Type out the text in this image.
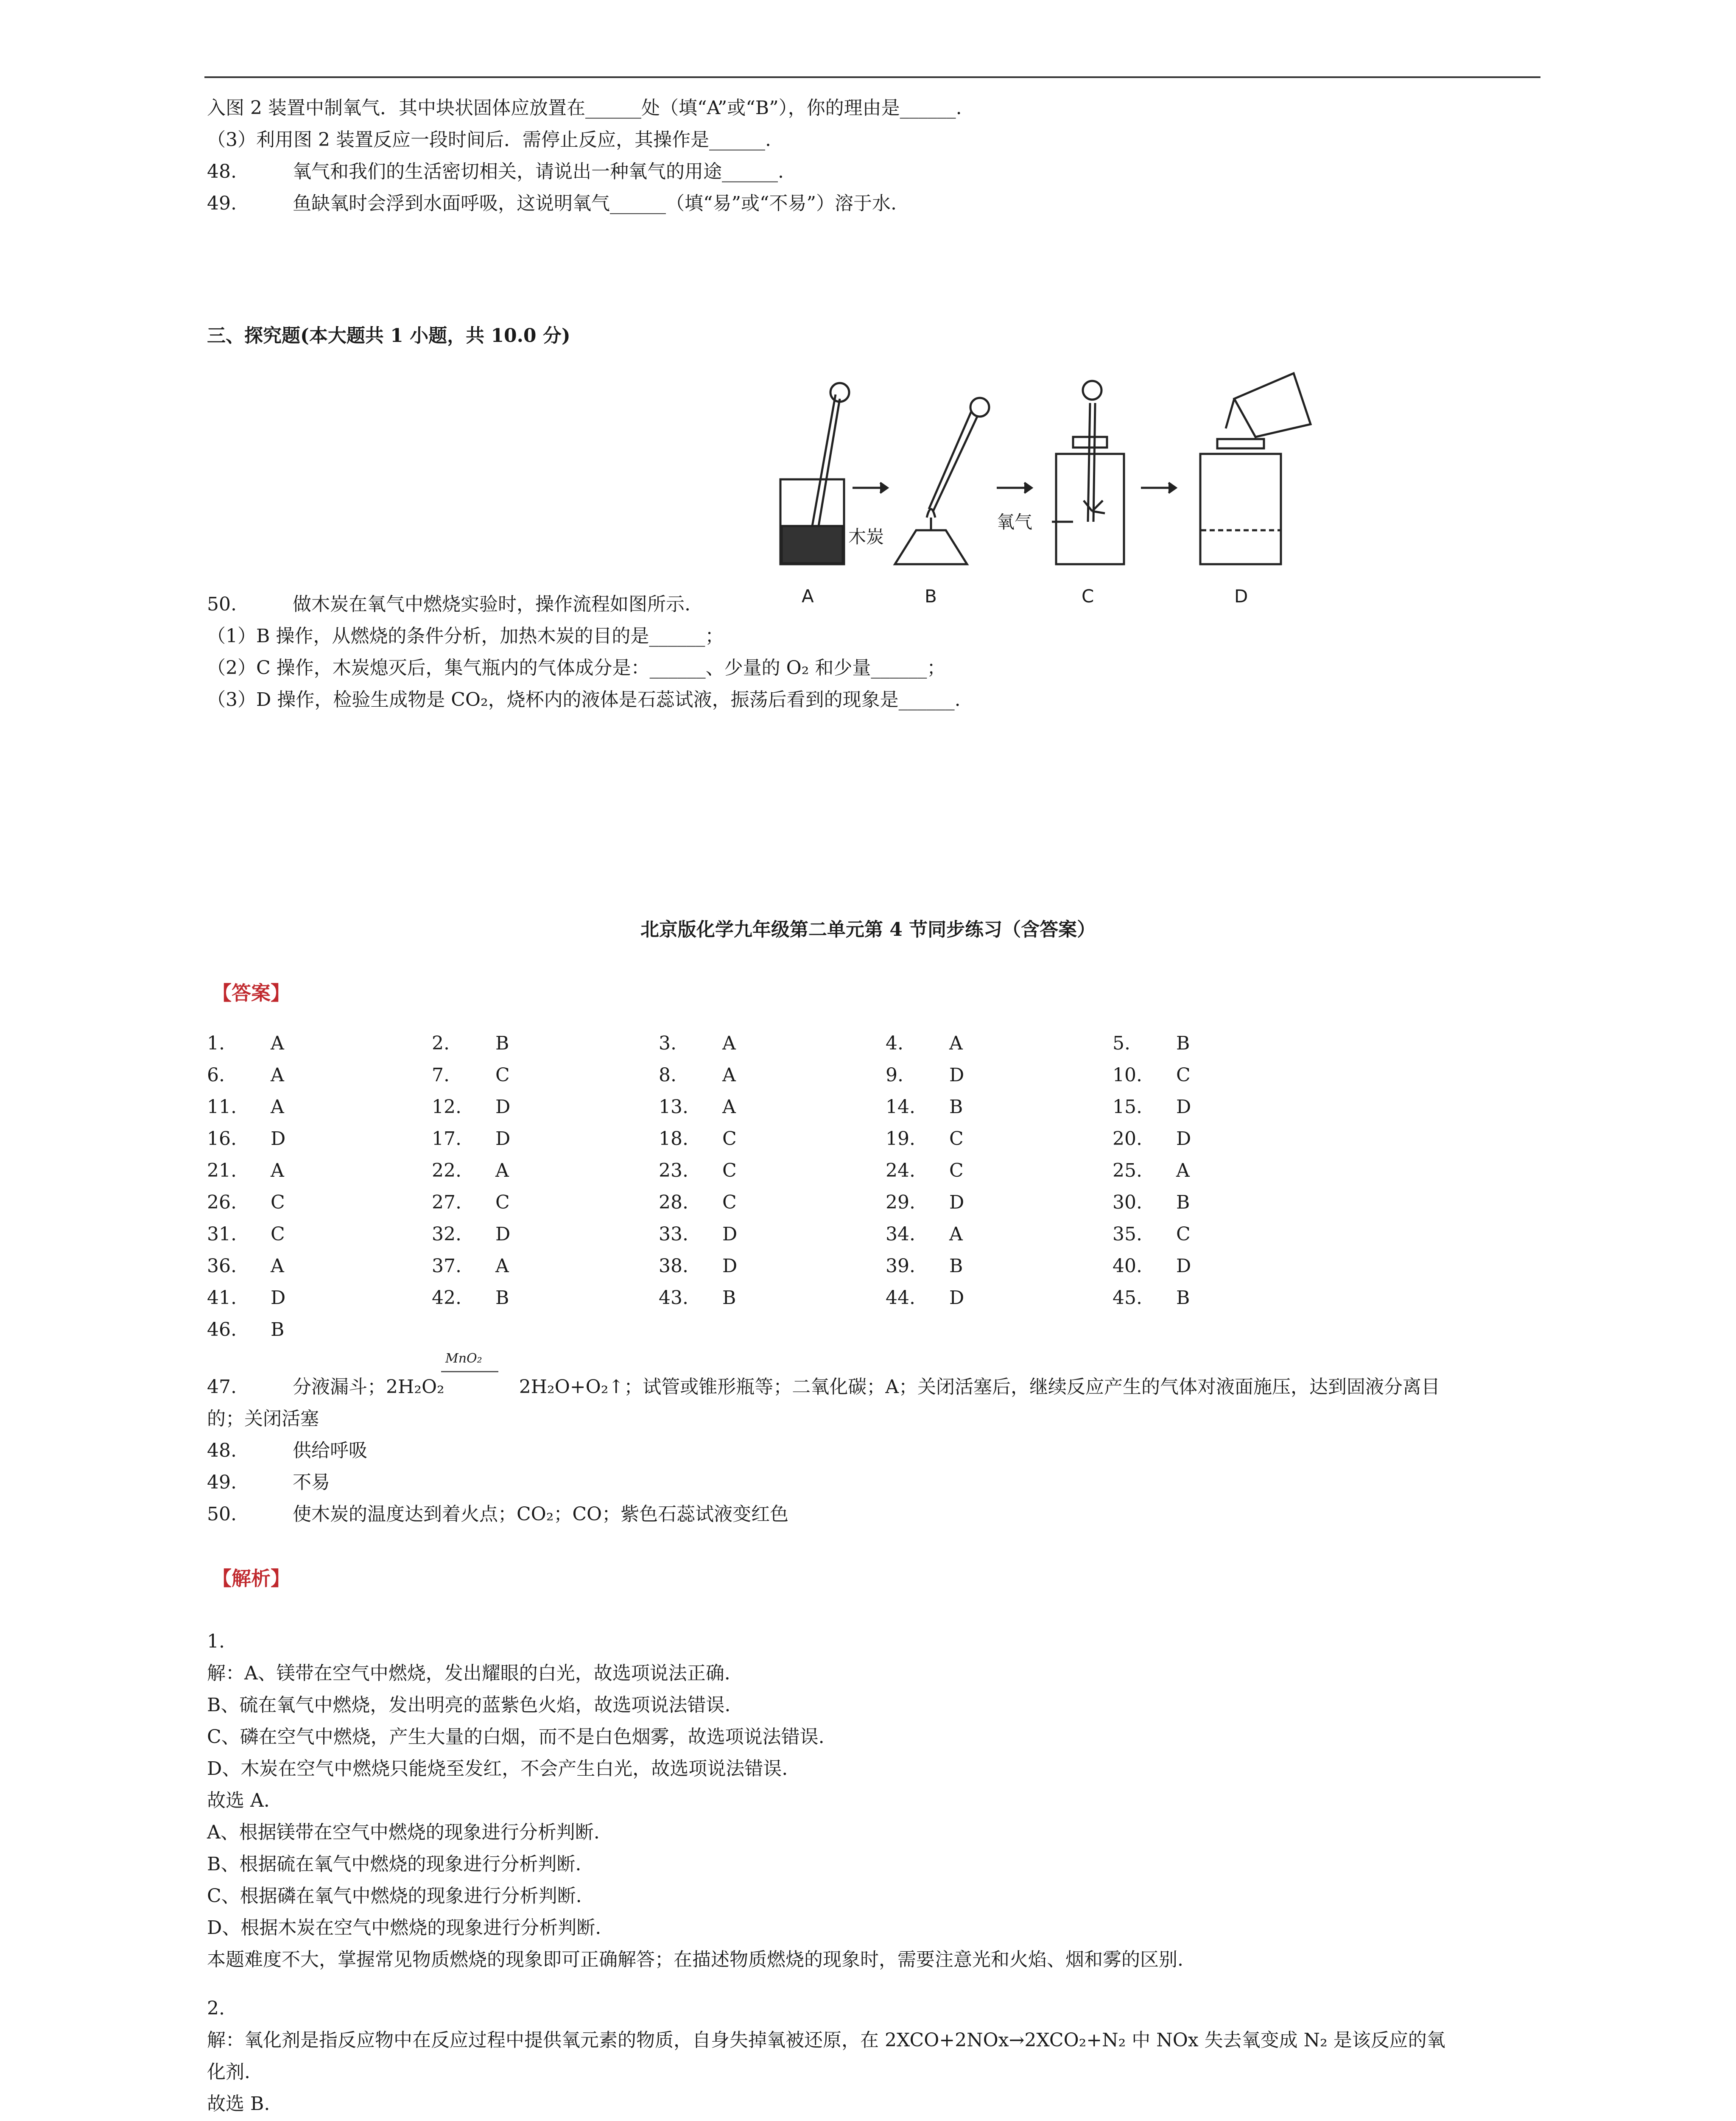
入图 2 装置中制氧气．其中块状固体应放置在______处（填“A”或“B”），你的理由是______.
（3）利用图 2 装置反应一段时间后．需停止反应，其操作是______.
48.　　　氧气和我们的生活密切相关，请说出一种氧气的用途______.
49.　　　鱼缺氧时会浮到水面呼吸，这说明氧气______（填“易”或“不易”）溶于水.
三、探究题(本大题共 1 小题，共 10.0 分)
A	B	C	D
木炭
氧气
50.　　　做木炭在氧气中燃烧实验时，操作流程如图所示.
（1）B 操作，从燃烧的条件分析，加热木炭的目的是______；
（2）C 操作，木炭熄灭后，集气瓶内的气体成分是：______、少量的 O₂ 和少量______；
（3）D 操作，检验生成物是 CO₂，烧杯内的液体是石蕊试液，振荡后看到的现象是______.
北京版化学九年级第二单元第 4 节同步练习（含答案）
【答案】
1. A	2. B	3. A	4. A	5. B
6. A	7. C	8. A	9. D	10. C
11. A	12. D	13. A	14. B	15. D
16. D	17. D	18. C	19. C	20. D
21. A	22. A	23. C	24. C	25. A
26. C	27. C	28. C	29. D	30. B
31. C	32. D	33. D	34. A	35. C
36. A	37. A	38. D	39. B	40. D
41. D	42. B	43. B	44. D	45. B
46. B
MnO₂
47.　　　分液漏斗；2H₂O₂　　　　2H₂O+O₂↑；试管或锥形瓶等；二氧化碳；A；关闭活塞后，继续反应产生的气体对液面施压，达到固液分离目
的；关闭活塞
48.　　　供给呼吸
49.　　　不易
50.　　　使木炭的温度达到着火点；CO₂；CO；紫色石蕊试液变红色
【解析】
1.
解：A、镁带在空气中燃烧，发出耀眼的白光，故选项说法正确.
B、硫在氧气中燃烧，发出明亮的蓝紫色火焰，故选项说法错误.
C、磷在空气中燃烧，产生大量的白烟，而不是白色烟雾，故选项说法错误.
D、木炭在空气中燃烧只能烧至发红，不会产生白光，故选项说法错误.
故选 A.
A、根据镁带在空气中燃烧的现象进行分析判断.
B、根据硫在氧气中燃烧的现象进行分析判断.
C、根据磷在氧气中燃烧的现象进行分析判断.
D、根据木炭在空气中燃烧的现象进行分析判断.
本题难度不大，掌握常见物质燃烧的现象即可正确解答；在描述物质燃烧的现象时，需要注意光和火焰、烟和雾的区别.
2.
解：氧化剂是指反应物中在反应过程中提供氧元素的物质，自身失掉氧被还原，在 2XCO+2NOx→2XCO₂+N₂ 中 NOx 失去氧变成 N₂ 是该反应的氧
化剂.
故选 B.
